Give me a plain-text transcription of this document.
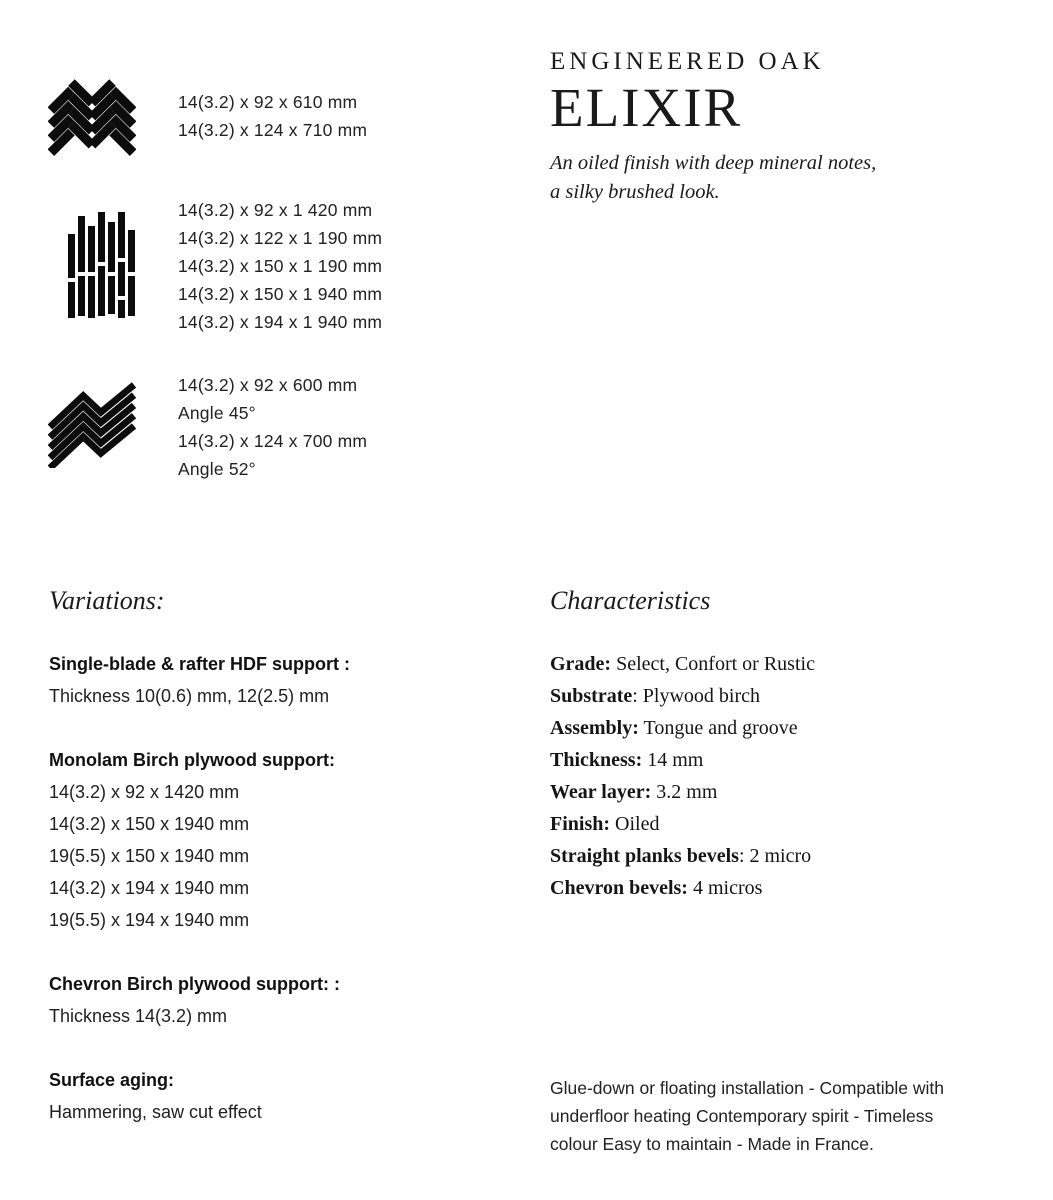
14(3.2) x 92 x 610 mm
14(3.2) x 124 x 710 mm
14(3.2) x 92 x 1 420 mm
14(3.2) x 122 x 1 190 mm
14(3.2) x 150 x 1 190 mm
14(3.2) x 150 x 1 940 mm
14(3.2) x 194 x 1 940 mm
14(3.2) x 92 x 600 mm
Angle 45°
14(3.2) x 124 x 700 mm
Angle 52°
ENGINEERED OAK
ELIXIR
An oiled finish with deep mineral notes,
a silky brushed look.
Variations:
Single-blade & rafter HDF support :
Thickness 10(0.6) mm, 12(2.5) mm
Monolam Birch plywood support:
14(3.2) x 92 x 1420 mm
14(3.2) x 150 x 1940 mm
19(5.5) x 150 x 1940 mm
14(3.2) x 194 x 1940 mm
19(5.5) x 194 x 1940 mm
Chevron Birch plywood support: :
Thickness 14(3.2) mm
Surface aging:
Hammering, saw cut effect
Characteristics
Grade: Select, Confort or Rustic
Substrate: Plywood birch
Assembly: Tongue and groove
Thickness: 14 mm
Wear layer: 3.2 mm
Finish: Oiled
Straight planks bevels: 2 micro
Chevron bevels: 4 micros
Glue-down or floating installation - Compatible with underfloor heating Contemporary spirit - Timeless colour Easy to maintain - Made in France.
